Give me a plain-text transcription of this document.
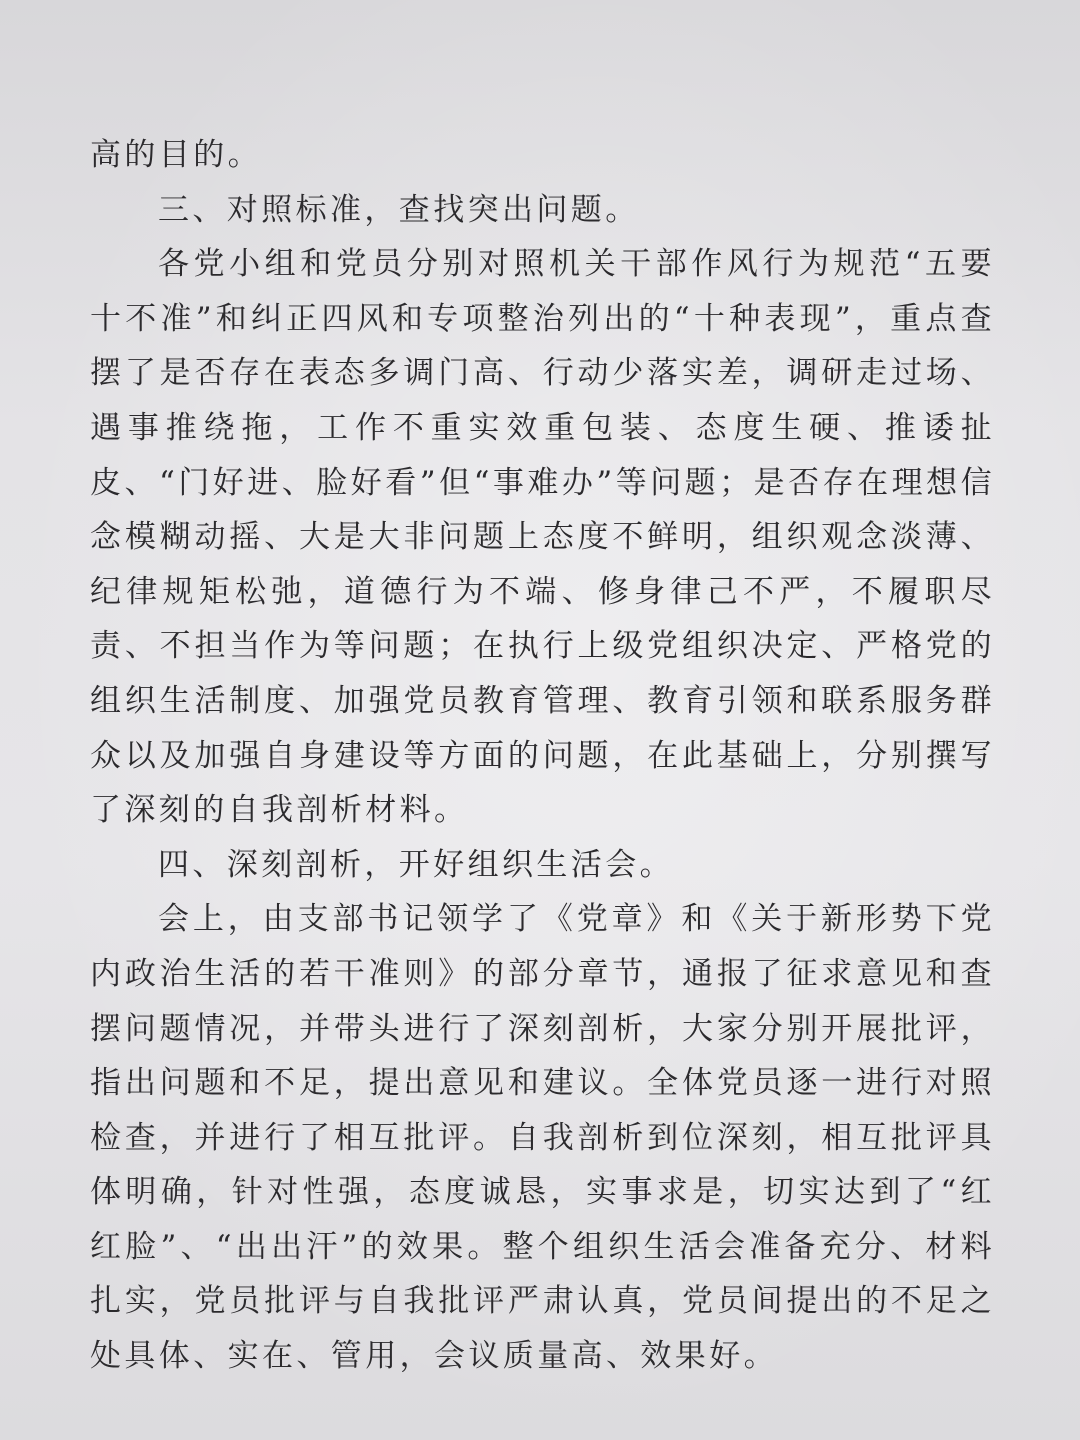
高的目的。

三、对照标准，查找突出问题。

各党小组和党员分别对照机关干部作风行为规范“五要十不准”和纠正四风和专项整治列出的“十种表现”，重点查摆了是否存在表态多调门高、行动少落实差，调研走过场、遇事推绕拖，工作不重实效重包装、态度生硬、推诿扯皮、“门好进、脸好看”但“事难办”等问题；是否存在理想信念模糊动摇、大是大非问题上态度不鲜明，组织观念淡薄、纪律规矩松弛，道德行为不端、修身律己不严，不履职尽责、不担当作为等问题；在执行上级党组织决定、严格党的组织生活制度、加强党员教育管理、教育引领和联系服务群众以及加强自身建设等方面的问题，在此基础上，分别撰写了深刻的自我剖析材料。

四、深刻剖析，开好组织生活会。

会上，由支部书记领学了《党章》和《关于新形势下党内政治生活的若干准则》的部分章节，通报了征求意见和查摆问题情况，并带头进行了深刻剖析，大家分别开展批评，指出问题和不足，提出意见和建议。全体党员逐一进行对照检查，并进行了相互批评。自我剖析到位深刻，相互批评具体明确，针对性强，态度诚恳，实事求是，切实达到了“红红脸”、“出出汗”的效果。整个组织生活会准备充分、材料扎实，党员批评与自我批评严肃认真，党员间提出的不足之处具体、实在、管用，会议质量高、效果好。
